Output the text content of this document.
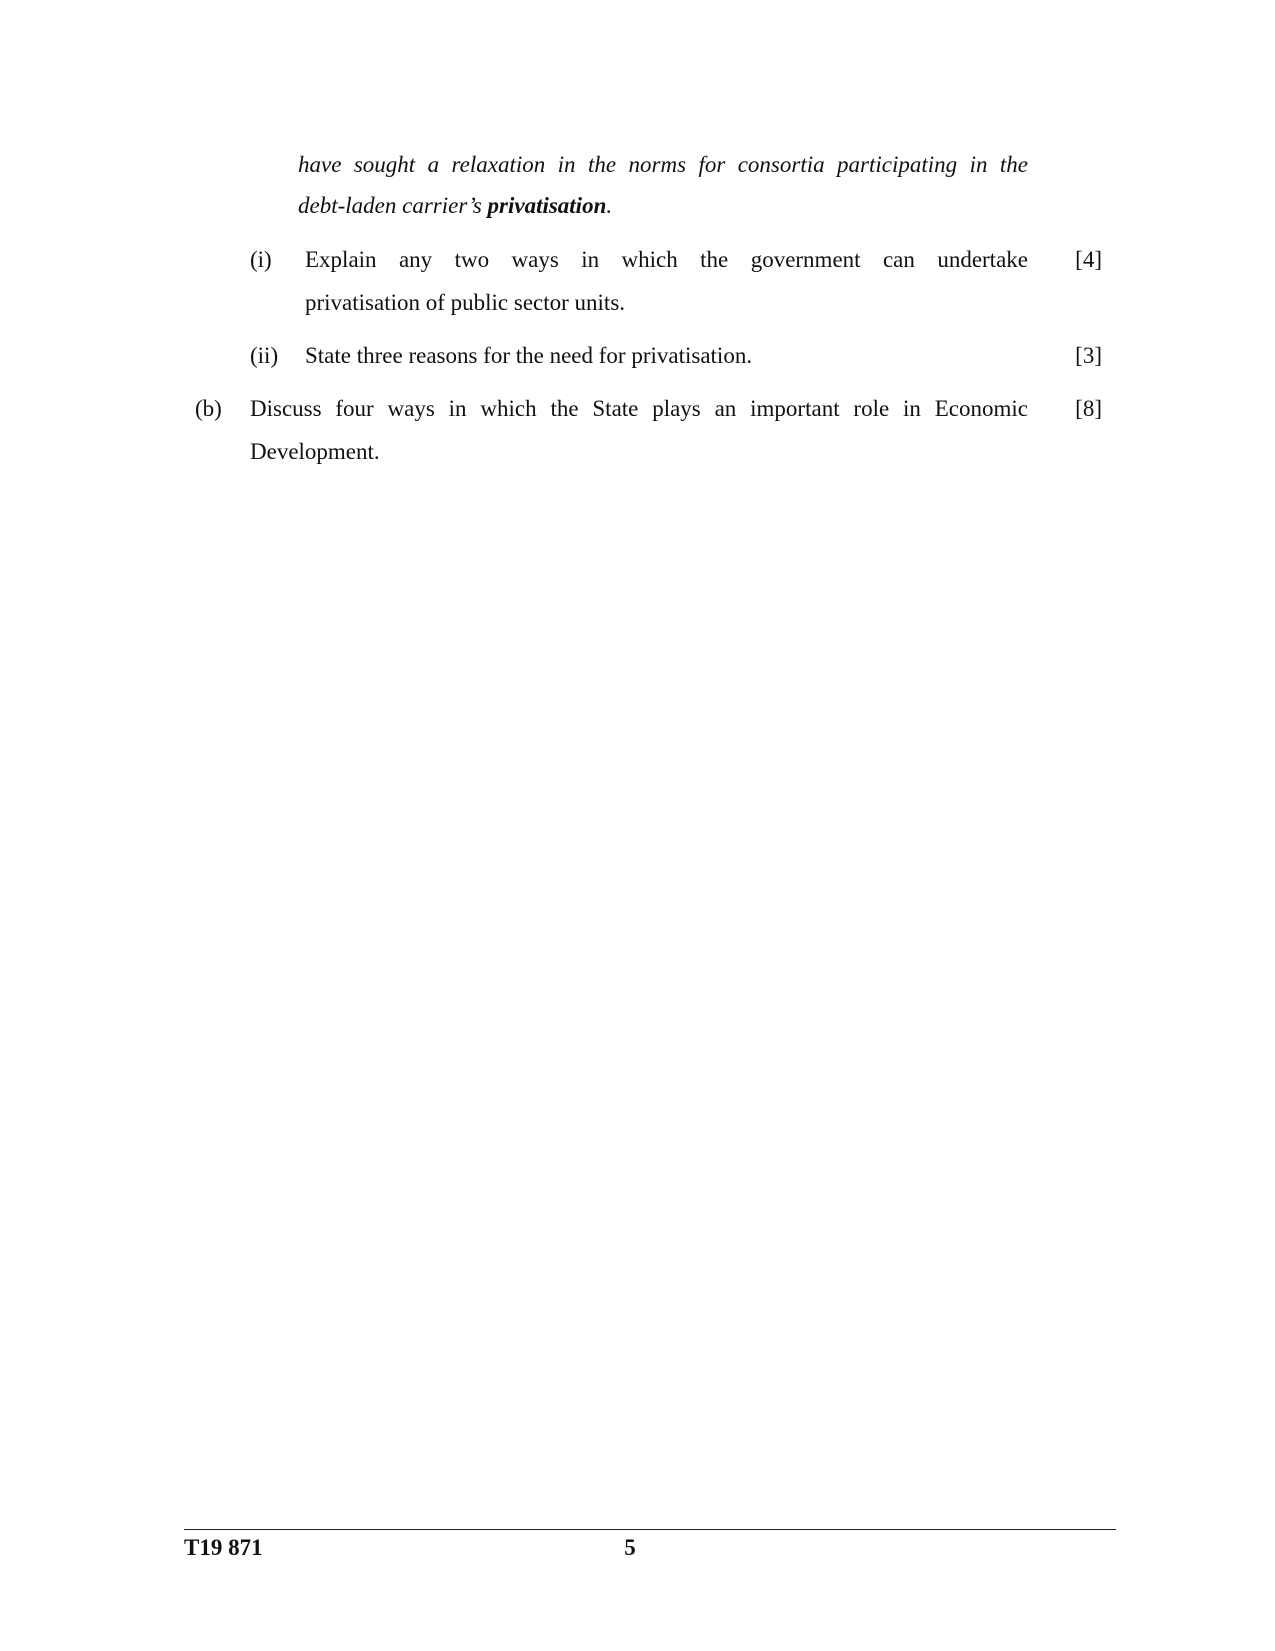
have sought a relaxation in the norms for consortia participating in the
debt-laden carrier’s privatisation.
(i) Explain any two ways in which the government can undertake
privatisation of public sector units.
[4]
(ii) State three reasons for the need for privatisation.	[3]
(b) Discuss four ways in which the State plays an important role in Economic
Development.
[8]
T19 871	5
